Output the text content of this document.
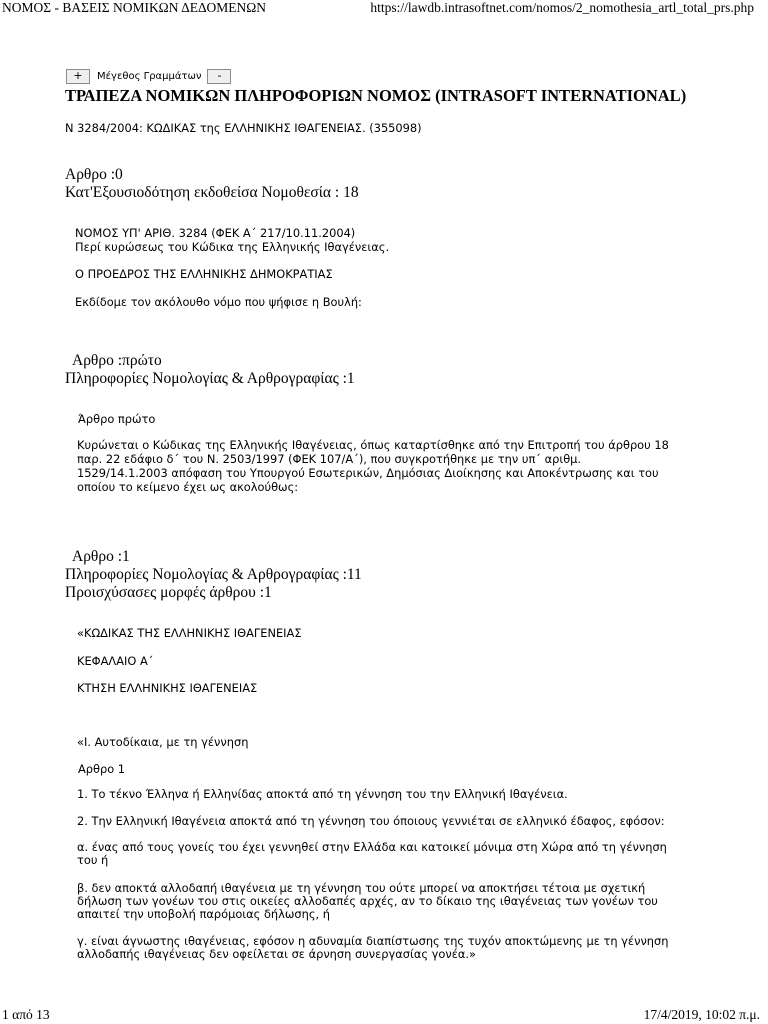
ΝΟΜΟΣ - ΒΑΣΕΙΣ ΝΟΜΙΚΩΝ ΔΕΔΟΜΕΝΩΝ	https://lawdb.intrasoftnet.com/nomos/2_nomothesia_artl_total_prs.php
+	Μέγεθος Γραμμάτων	-
ΤΡΑΠΕΖΑ ΝΟΜΙΚΩΝ ΠΛΗΡΟΦΟΡΙΩΝ ΝΟΜΟΣ (INTRASOFT INTERNATIONAL)
Ν 3284/2004: ΚΩΔΙΚΑΣ της ΕΛΛΗΝΙΚΗΣ ΙΘΑΓΕΝΕΙΑΣ. (355098)
Αρθρο :0
Κατ'Εξουσιοδότηση εκδοθείσα Νομοθεσία : 18
ΝΟΜΟΣ ΥΠ' ΑΡΙΘ. 3284 (ΦΕΚ Α΄ 217/10.11.2004)
Περί κυρώσεως του Κώδικα της Ελληνικής Ιθαγένειας.
Ο ΠΡΟΕΔΡΟΣ ΤΗΣ ΕΛΛΗΝΙΚΗΣ ΔΗΜΟΚΡΑΤΙΑΣ
Εκδίδομε τον ακόλουθο νόμο που ψήφισε η Βουλή:
Αρθρο :πρώτο
Πληροφορίες Νομολογίας & Αρθρογραφίας :1
Άρθρο πρώτο
Κυρώνεται ο Κώδικας της Ελληνικής Ιθαγένειας, όπως καταρτίσθηκε από την Επιτροπή του άρθρου 18
παρ. 22 εδάφιο δ΄ του Ν. 2503/1997 (ΦΕΚ 107/Α΄), που συγκροτήθηκε με την υπ΄ αριθμ.
1529/14.1.2003 απόφαση του Υπουργού Εσωτερικών, Δημόσιας Διοίκησης και Αποκέντρωσης και του
οποίου το κείμενο έχει ως ακολούθως:
Αρθρο :1
Πληροφορίες Νομολογίας & Αρθρογραφίας :11
Προισχύσασες μορφές άρθρου :1
«ΚΩΔΙΚΑΣ ΤΗΣ ΕΛΛΗΝΙΚΗΣ ΙΘΑΓΕΝΕΙΑΣ
ΚΕΦΑΛΑΙΟ Α΄
ΚΤΗΣΗ ΕΛΛΗΝΙΚΗΣ ΙΘΑΓΕΝΕΙΑΣ
«Ι. Αυτοδίκαια, με τη γέννηση
Αρθρο 1
1. Το τέκνο Έλληνα ή Ελληνίδας αποκτά από τη γέννηση του την Ελληνική Ιθαγένεια.
2. Την Ελληνική Ιθαγένεια αποκτά από τη γέννηση του όποιους γεννιέται σε ελληνικό έδαφος, εφόσον:
α. ένας από τους γονείς του έχει γεννηθεί στην Ελλάδα και κατοικεί μόνιμα στη Χώρα από τη γέννηση
του ή
β. δεν αποκτά αλλοδαπή ιθαγένεια με τη γέννηση του ούτε μπορεί να αποκτήσει τέτοια με σχετική
δήλωση των γονέων του στις οικείες αλλοδαπές αρχές, αν το δίκαιο της ιθαγένειας των γονέων του
απαιτεί την υποβολή παρόμοιας δήλωσης, ή
γ. είναι άγνωστης ιθαγένειας, εφόσον η αδυναμία διαπίστωσης της τυχόν αποκτώμενης με τη γέννηση
αλλοδαπής ιθαγένειας δεν οφείλεται σε άρνηση συνεργασίας γονέα.»
1 από 13	17/4/2019, 10:02 π.μ.
